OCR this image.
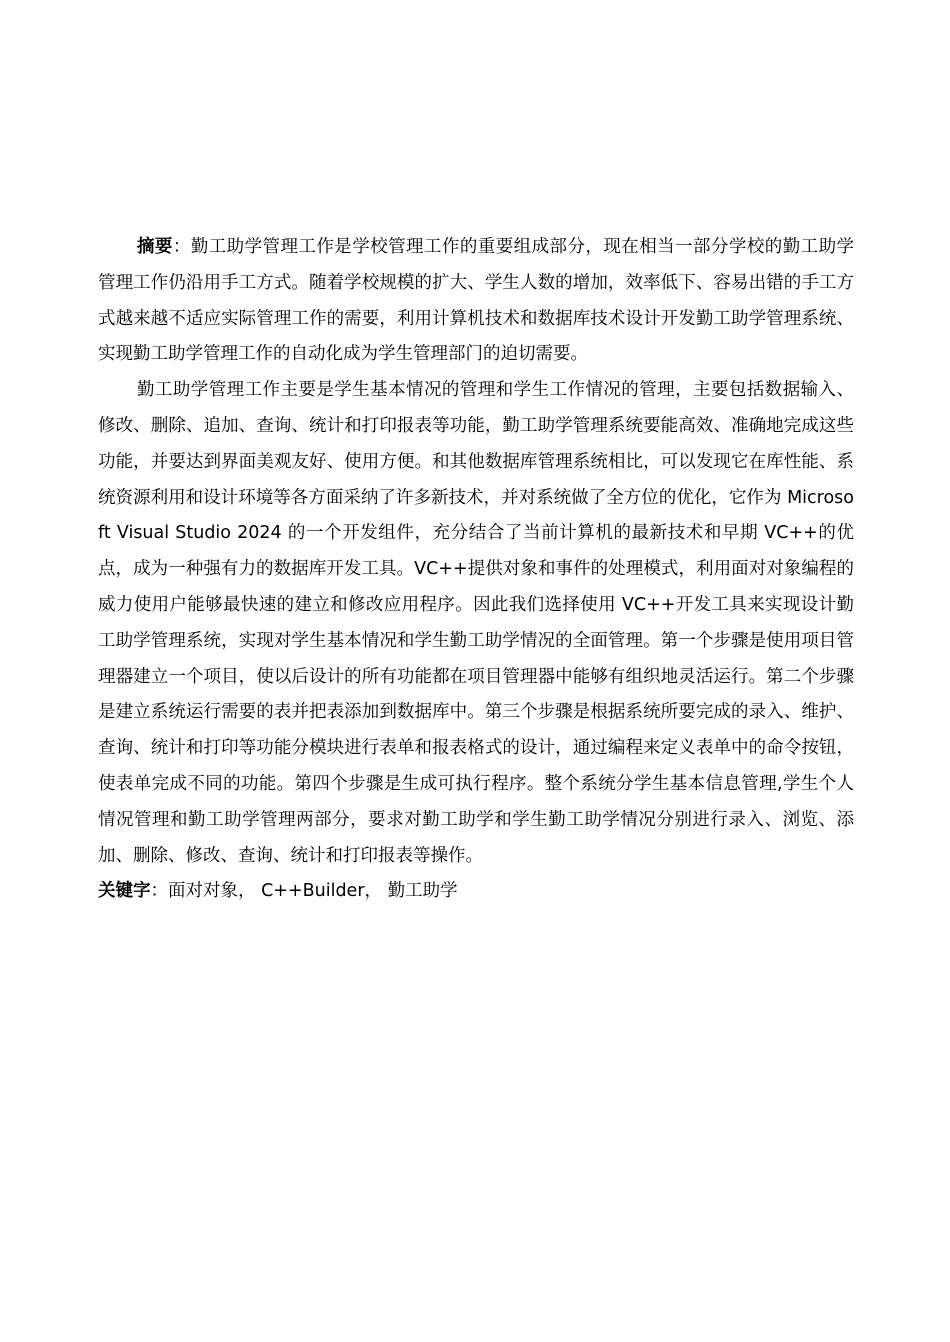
摘要：勤工助学管理工作是学校管理工作的重要组成部分，现在相当一部分学校的勤工助学管理工作仍沿用手工方式。随着学校规模的扩大、学生人数的增加，效率低下、容易出错的手工方式越来越不适应实际管理工作的需要，利用计算机技术和数据库技术设计开发勤工助学管理系统、实现勤工助学管理工作的自动化成为学生管理部门的迫切需要。

勤工助学管理工作主要是学生基本情况的管理和学生工作情况的管理，主要包括数据输入、修改、删除、追加、查询、统计和打印报表等功能，勤工助学管理系统要能高效、准确地完成这些功能，并要达到界面美观友好、使用方便。和其他数据库管理系统相比，可以发现它在库性能、系统资源利用和设计环境等各方面采纳了许多新技术，并对系统做了全方位的优化，它作为 Microsoft Visual Studio 2024 的一个开发组件，充分结合了当前计算机的最新技术和早期 VC++的优点，成为一种强有力的数据库开发工具。VC++提供对象和事件的处理模式，利用面对对象编程的威力使用户能够最快速的建立和修改应用程序。因此我们选择使用 VC++开发工具来实现设计勤工助学管理系统，实现对学生基本情况和学生勤工助学情况的全面管理。第一个步骤是使用项目管理器建立一个项目，使以后设计的所有功能都在项目管理器中能够有组织地灵活运行。第二个步骤是建立系统运行需要的表并把表添加到数据库中。第三个步骤是根据系统所要完成的录入、维护、查询、统计和打印等功能分模块进行表单和报表格式的设计，通过编程来定义表单中的命令按钮，使表单完成不同的功能。第四个步骤是生成可执行程序。整个系统分学生基本信息管理,学生个人情况管理和勤工助学管理两部分，要求对勤工助学和学生勤工助学情况分别进行录入、浏览、添加、删除、修改、查询、统计和打印报表等操作。

关键字：面对对象， C++Builder， 勤工助学
